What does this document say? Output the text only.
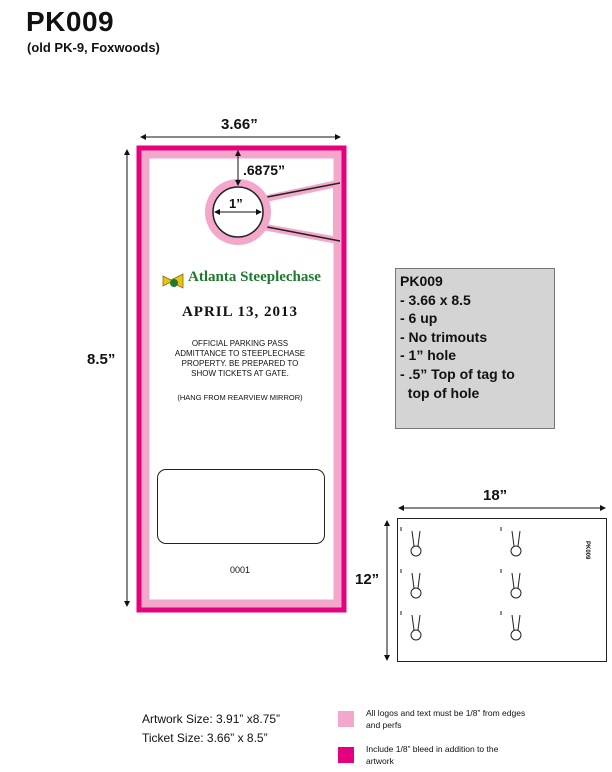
PK009
(old PK-9, Foxwoods)
Atlanta Steeplechase
3.66”
8.5”
.6875”
1”
18”
12”
APRIL 13, 2013
OFFICIAL PARKING PASS
ADMITTANCE TO STEEPLECHASE
PROPERTY. BE PREPARED TO
SHOW TICKETS AT GATE.
(HANG FROM REARVIEW MIRROR)
0001
PK009
- 3.66 x 8.5
- 6 up
- No trimouts
- 1” hole
- .5” Top of tag to
top of hole
PK009
Artwork Size: 3.91” x8.75”
Ticket Size: 3.66” x 8.5”
All logos and text must be 1/8” from edges and perfs
Include 1/8” bleed in addition to the artwork
